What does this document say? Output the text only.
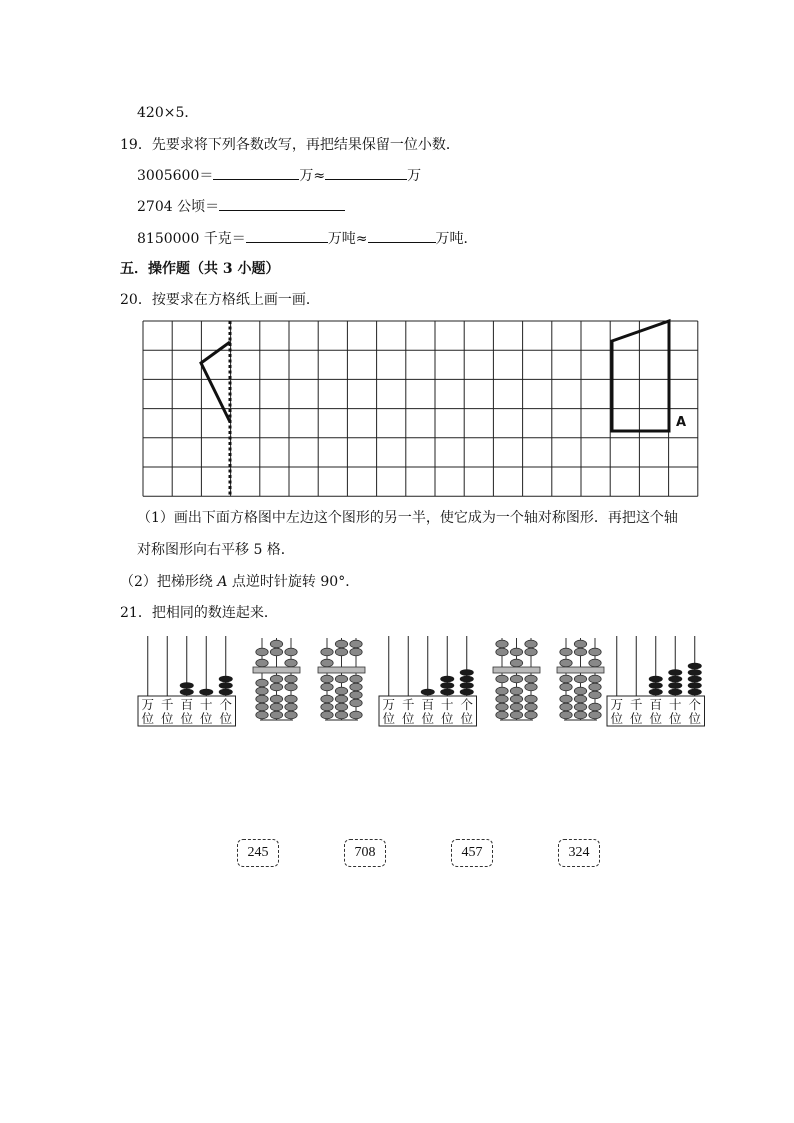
420×5．
19．先要求将下列各数改写，再把结果保留一位小数．
3005600＝	万≈	万
2704 公顷＝
8150000 千克＝	万吨≈	万吨．
五．操作题（共 3 小题）
20．按要求在方格纸上画一画．
A
（1）画出下面方格图中左边这个图形的另一半，使它成为一个轴对称图形．再把这个轴
对称图形向右平移 5 格．
（2）把梯形绕 A 点逆时针旋转 90°．
21．把相同的数连起来．
万
位
千
位
百
位
十
位
个
位
万
位
千
位
百
位
十
位
个
位
万
位
千
位
百
位
十
位
个
位
245	708	457	324
